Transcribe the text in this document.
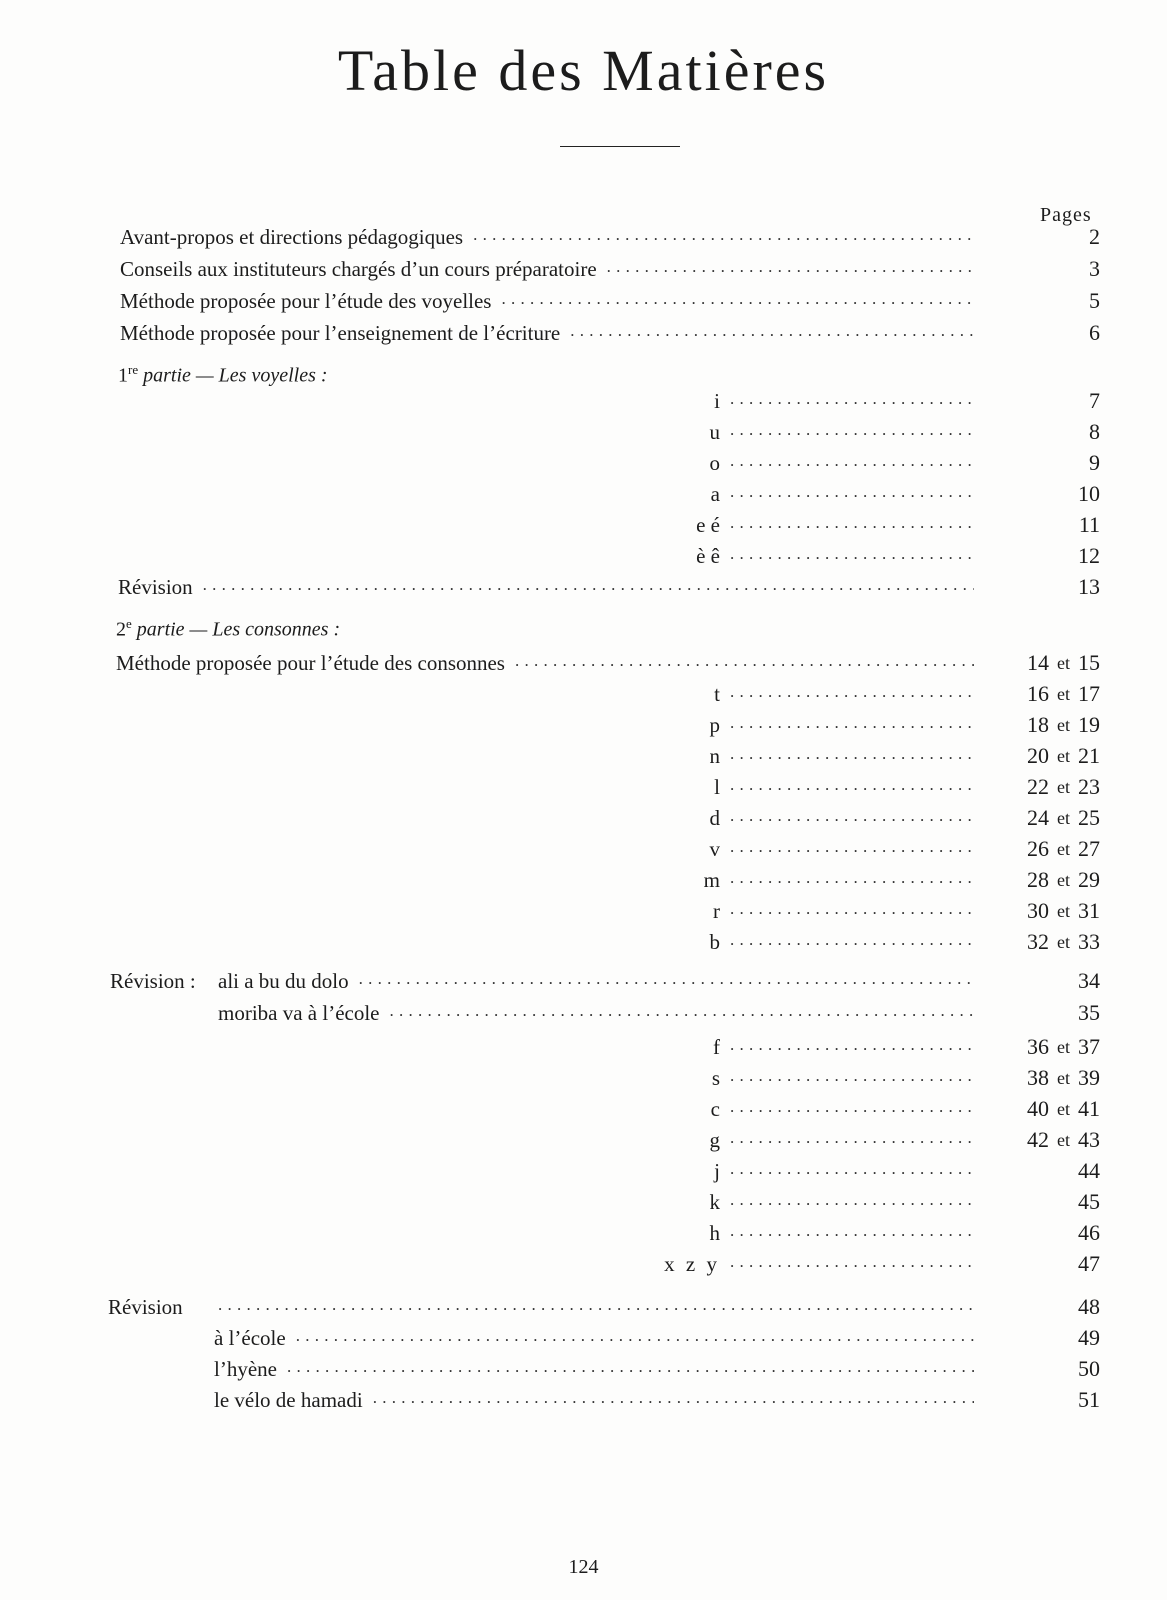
Table des Matières
Pages
Avant-propos et directions pédagogiques . . .	2
Conseils aux instituteurs chargés d’un cours préparatoire . . .	3
Méthode proposée pour l’étude des voyelles . . .	5
Méthode proposée pour l’enseignement de l’écriture . . .	6
1re partie — Les voyelles :
i . . .	7
u . . .	8
o . . .	9
a . . .	10
e é . . .	11
è ê . . .	12
Révision . . .	13
2e partie — Les consonnes :
Méthode proposée pour l’étude des consonnes . . .	14 et 15
t . . .	16 et 17
p . . .	18 et 19
n . . .	20 et 21
l . . .	22 et 23
d . . .	24 et 25
v . . .	26 et 27
m . . .	28 et 29
r . . .	30 et 31
b . . .	32 et 33
Révision :	ali a bu du dolo . . .	34
moriba va à l’école . . .	35
f . . .	36 et 37
s . . .	38 et 39
c . . .	40 et 41
g . . .	42 et 43
j . . .	44
k . . .	45
h . . .	46
x z y . . .	47
Révision . . .	48
à l’école . . .	49
l’hyène . . .	50
le vélo de hamadi . . .	51
124
